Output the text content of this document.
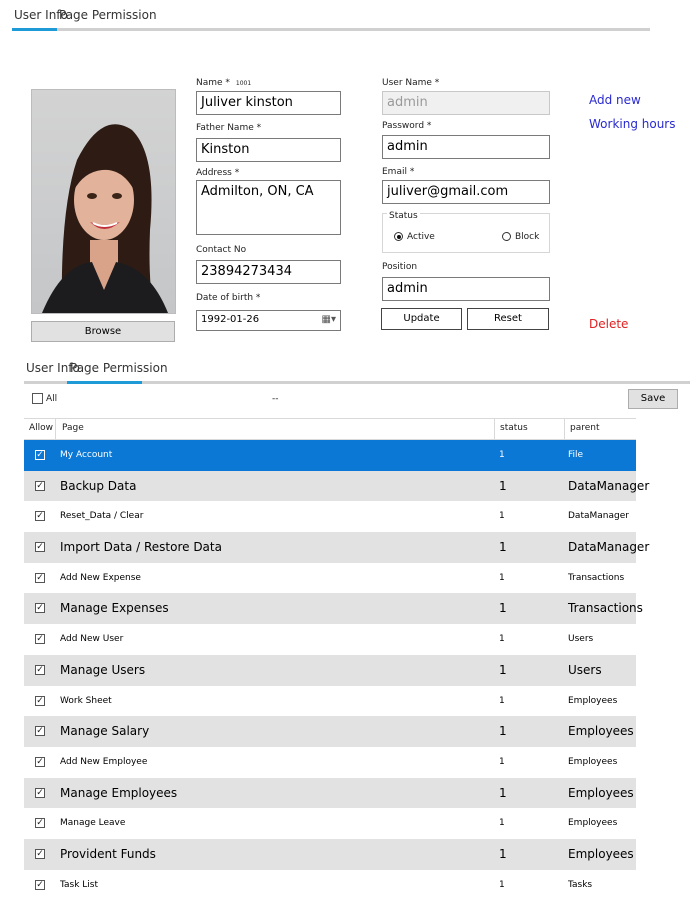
User Info
Page Permission
Browse
Name * 1001
Juliver kinston
Father Name *
Kinston
Address *
Admilton, ON, CA
Contact No
23894273434
Date of birth *
1992-01-26	▦▾
User Name *
admin
Password *
admin
Email *
juliver@gmail.com
Status
Active	Block
Position
admin
Update	Reset
Add new
Working hours
Delete
User Info
Page Permission
All	--	Save
Allow Page	status	parent
✓ My Account	1	File
✓ Backup Data	1	DataManager
✓ Reset_Data / Clear	1	DataManager
✓ Import Data / Restore Data	1	DataManager
✓ Add New Expense	1	Transactions
✓ Manage Expenses	1	Transactions
✓ Add New User	1	Users
✓ Manage Users	1	Users
✓ Work Sheet	1	Employees
✓ Manage Salary	1	Employees
✓ Add New Employee	1	Employees
✓ Manage Employees	1	Employees
✓ Manage Leave	1	Employees
✓ Provident Funds	1	Employees
✓ Task List	1	Tasks
